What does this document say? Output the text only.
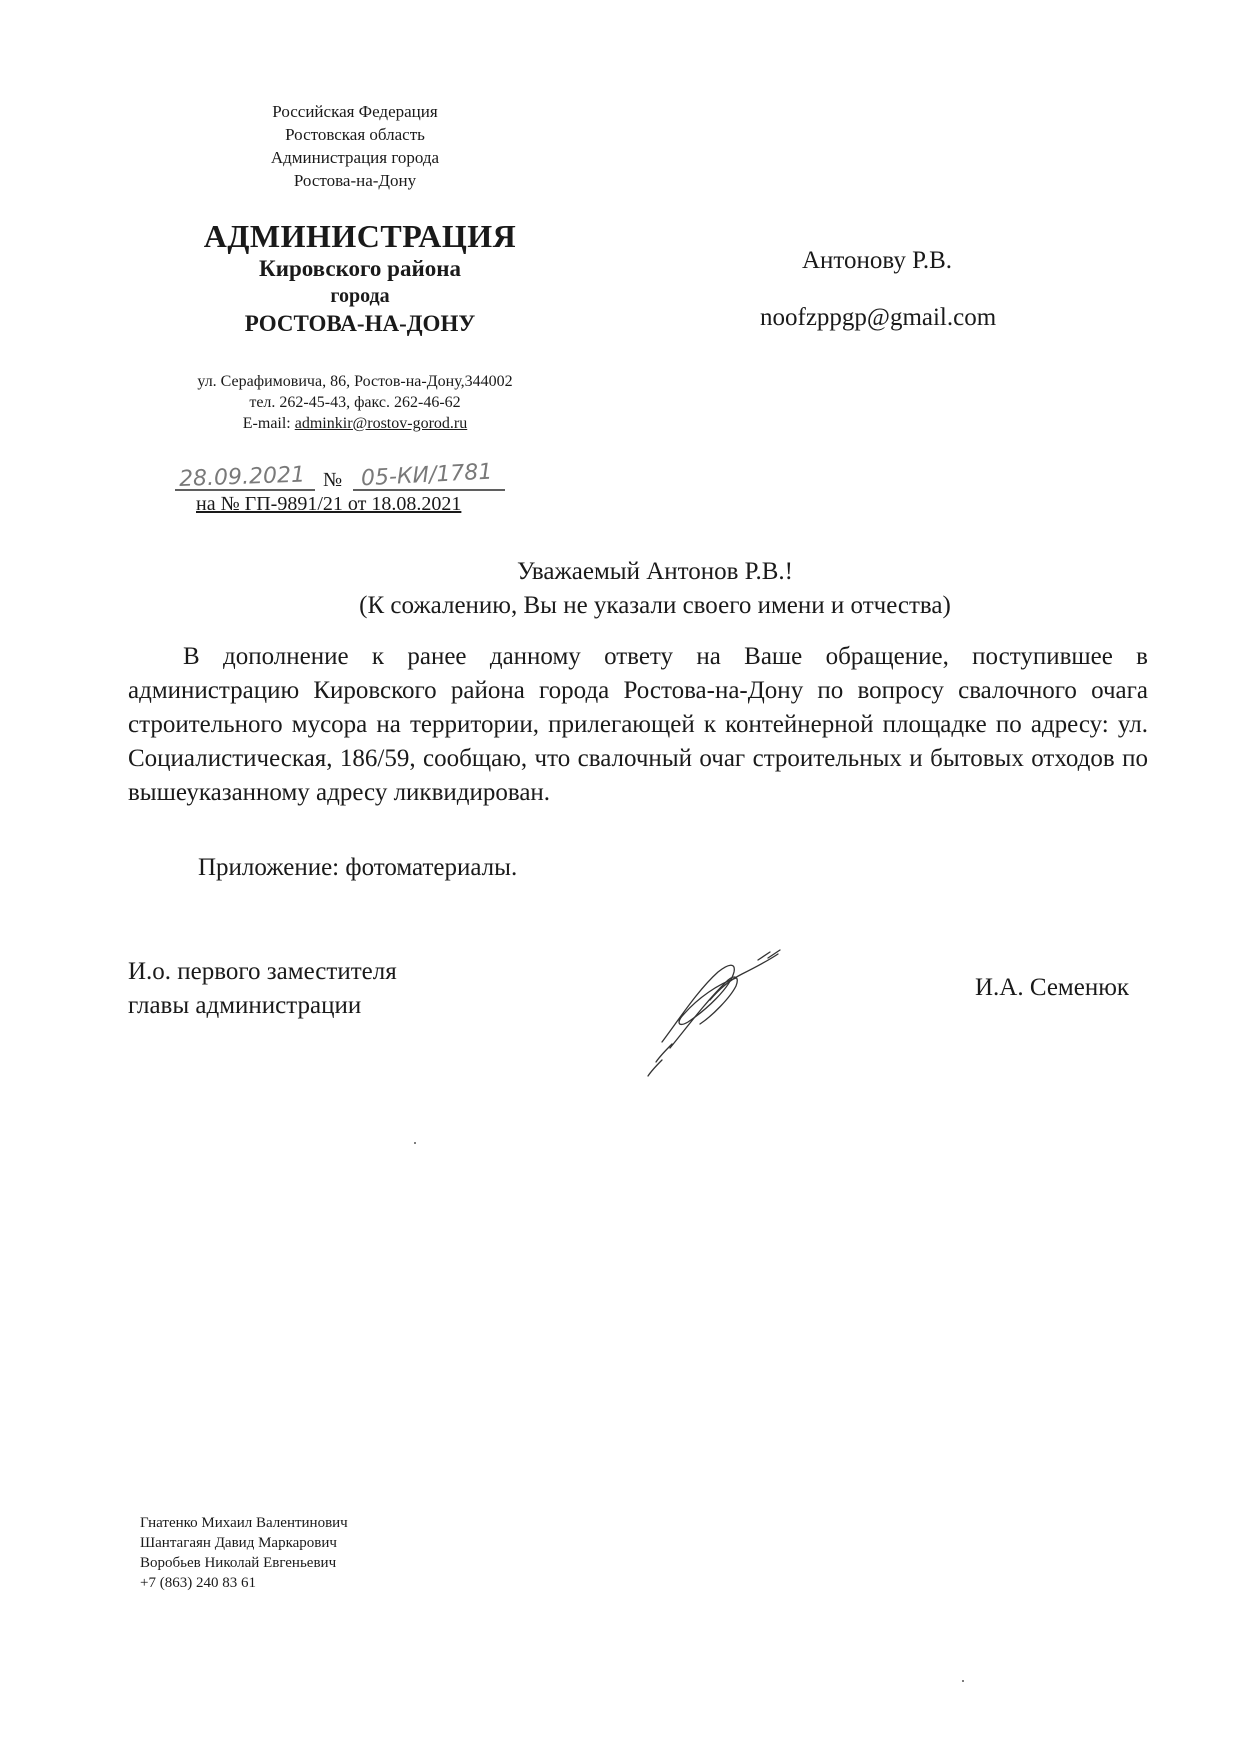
Российская Федерация
Ростовская область
Администрация города
Ростова-на-Дону
АДМИНИСТРАЦИЯ
Кировского района
города
РОСТОВА-НА-ДОНУ
ул. Серафимовича, 86, Ростов-на-Дону,344002
тел. 262-45-43, факс. 262-46-62
E-mail: adminkir@rostov-gorod.ru
28.09.2021 № 05-КИ/1781
на № ГП-9891/21 от 18.08.2021
Антонову Р.В.
noofzppgp@gmail.com
Уважаемый Антонов Р.В.!
(К сожалению, Вы не указали своего имени и отчества)

В дополнение к ранее данному ответу на Ваше обращение, поступившее в администрацию Кировского района города Ростова-на-Дону по вопросу свалочного очага строительного мусора на территории, прилегающей к контейнерной площадке по адресу: ул. Социалистическая, 186/59, сообщаю, что свалочный очаг строительных и бытовых отходов по вышеуказанному адресу ликвидирован.

Приложение: фотоматериалы.
И.о. первого заместителя
главы администрации
И.А. Семенюк
Гнатенко Михаил Валентинович
Шантагаян Давид Маркарович
Воробьев Николай Евгеньевич
+7 (863) 240 83 61
